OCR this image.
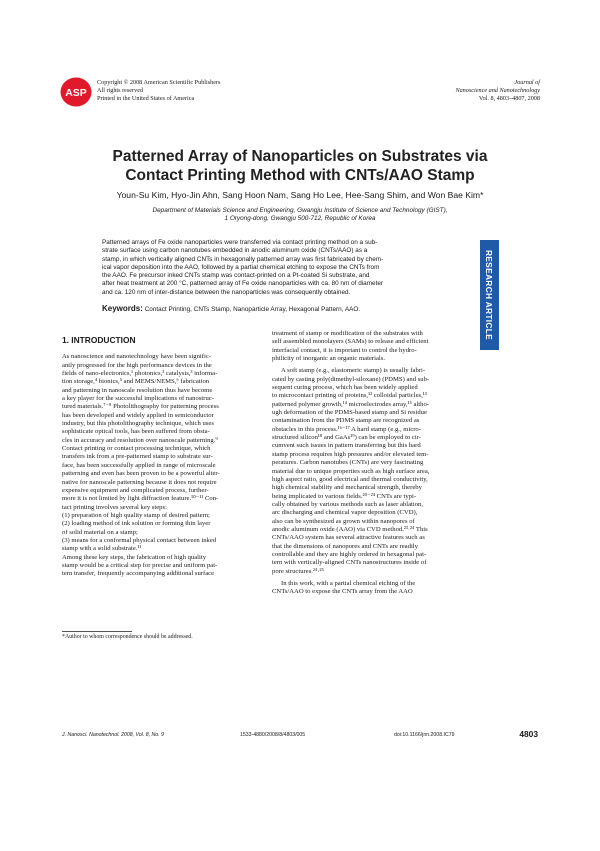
ASP
Copyright © 2008 American Scientific Publishers
All rights reserved
Printed in the United States of America
Journal of
Nanoscience and Nanotechnology
Vol. 8, 4803–4807, 2008
RESEARCH ARTICLE
Patterned Array of Nanoparticles on Substrates via
Contact Printing Method with CNTs/AAO Stamp
Youn-Su Kim, Hyo-Jin Ahn, Sang Hoon Nam, Sang Ho Lee, Hee-Sang Shim, and Won Bae Kim*
Department of Materials Science and Engineering, Gwangju Institute of Science and Technology (GIST),
1 Oryong-dong, Gwangju 500-712, Republic of Korea
Patterned arrays of Fe oxide nanoparticles were transferred via contact printing method on a sub-
strate surface using carbon nanotubes embedded in anodic aluminum oxide (CNTs/AAO) as a
stamp, in which vertically aligned CNTs in hexagonally patterned array was first fabricated by chem-
ical vapor deposition into the AAO, followed by a partial chemical etching to expose the CNTs from
the AAO. Fe precursor inked CNTs stamp was contact-printed on a Pt-coated Si substrate, and
after heat treatment at 200 °C, patterned array of Fe oxide nanoparticles with ca. 80 nm of diameter
and ca. 120 nm of inter-distance between the nanoparticles was consequently obtained.
Keywords: Contact Printing, CNTs Stamp, Nanoparticle Array, Hexagonal Pattern, AAO.
1. INTRODUCTION
As nanoscience and nanotechnology have been signific-
antly progressed for the high performance devices in the
fields of nano-electronics,¹ photonics,² catalysis,³ informa-
tion storage,⁴ bionics,⁵ and MEMS/NEMS,⁶ fabrication
and patterning in nanoscale resolution thus have become
a key player for the successful implications of nanostruc-
tured materials.⁷⁻⁸ Photolithography for patterning process
has been developed and widely applied in semiconductor
industry, but this photolithography technique, which uses
sophisticate optical tools, has been suffered from obsta-
cles in accuracy and resolution over nanoscale patterning.⁹
Contact printing or contact processing technique, which
transfers ink from a pre-patterned stamp to substrate sur-
face, has been successfully applied in range of microscale
patterning and even has been proven to be a powerful alter-
native for nanoscale patterning because it does not require
expensive equipment and complicated process, further-
more it is not limited by light diffraction feature.¹⁰⁻¹¹ Con-
tact printing involves several key steps:
(1) preparation of high quality stamp of desired pattern;
(2) loading method of ink solution or forming thin layer
of solid material on a stamp;
(3) means for a conformal physical contact between inked
stamp with a solid substrate.¹¹
Among these key steps, the fabrication of high quality
stamp would be a critical step for precise and uniform pat-
tern transfer, frequently accompanying additional surface
treatment of stamp or modification of the substrates with
self assembled monolayers (SAMs) to release and efficient
interfacial contact, it is important to control the hydro-
philicity of inorganic an organic materials.
A soft stamp (e.g., elastomeric stamp) is usually fabri-
cated by casting poly(dimethyl-siloxane) (PDMS) and sub-
sequent curing process, which has been widely applied
to microcontact printing of proteins,¹² colloidal particles,¹³
patterned polymer growth,¹⁴ microelectrodes array,¹⁵ altho-
ugh deformation of the PDMS-based stamp and Si residue
contamination from the PDMS stamp are recognized as
obstacles in this process.¹⁶⁻¹⁷ A hard stamp (e.g., micro-
structured silicon¹⁸ and GaAs¹⁹) can be employed to cir-
cumvent such issues in pattern transferring but this hard
stamp process requires high pressures and/or elevated tem-
peratures. Carbon nanotubes (CNTs) are very fascinating
material due to unique properties such as high surface area,
high aspect ratio, good electrical and thermal conductivity,
high chemical stability and mechanical strength, thereby
being implicated to various fields.²⁰⁻²⁴ CNTs are typi-
cally obtained by various methods such as laser ablation,
arc discharging and chemical vapor deposition (CVD),
also can be synthesized as grown within nanopores of
anodic aluminum oxide (AAO) via CVD method.²³·²⁴ This
CNTs/AAO system has several attractive features such as
that the dimensions of nanopores and CNTs are readily
controllable and they are highly ordered in hexagonal pat-
tern with vertically-aligned CNTs nanostructures inside of
pore structures.²⁴·²⁵
In this work, with a partial chemical etching of the
CNTs/AAO to expose the CNTs array from the AAO
*Author to whom correspondence should be addressed.
J. Nanosci. Nanotechnol. 2008, Vol. 8, No. 9	1533-4880/2008/8/4803/005	doi:10.1166/jnn.2008.IC79	4803
